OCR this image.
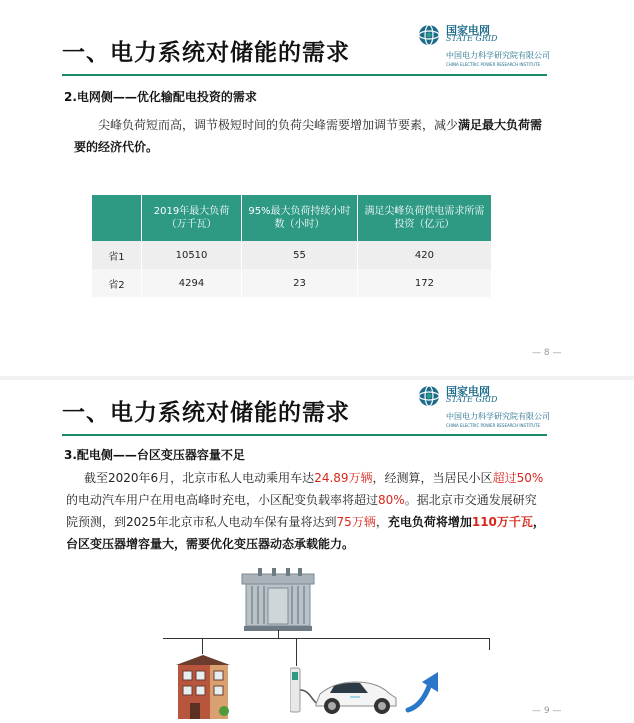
国家电网
STATE GRID
中国电力科学研究院有限公司
CHINA ELECTRIC POWER RESEARCH INSTITUTE
一、电力系统对储能的需求
2.电网侧——优化输配电投资的需求
尖峰负荷短而高，调节极短时间的负荷尖峰需要增加调节要素，减少满足最大负荷需要的经济代价。
	2019年最大负荷（万千瓦）	95%最大负荷持续小时数（小时）	满足尖峰负荷供电需求所需投资（亿元）
省1	10510	55	420
省2	4294	23	172
— 8 —
国家电网
STATE GRID
中国电力科学研究院有限公司
CHINA ELECTRIC POWER RESEARCH INSTITUTE
一、电力系统对储能的需求
3.配电侧——台区变压器容量不足
截至2020年6月，北京市私人电动乘用车达24.89万辆，经测算，当居民小区超过50%的电动汽车用户在用电高峰时充电，小区配变负载率将超过80%。据北京市交通发展研究院预测，到2025年北京市私人电动车保有量将达到75万辆，充电负荷将增加110万千瓦，台区变压器增容量大，需要优化变压器动态承载能力。
— 9 —
